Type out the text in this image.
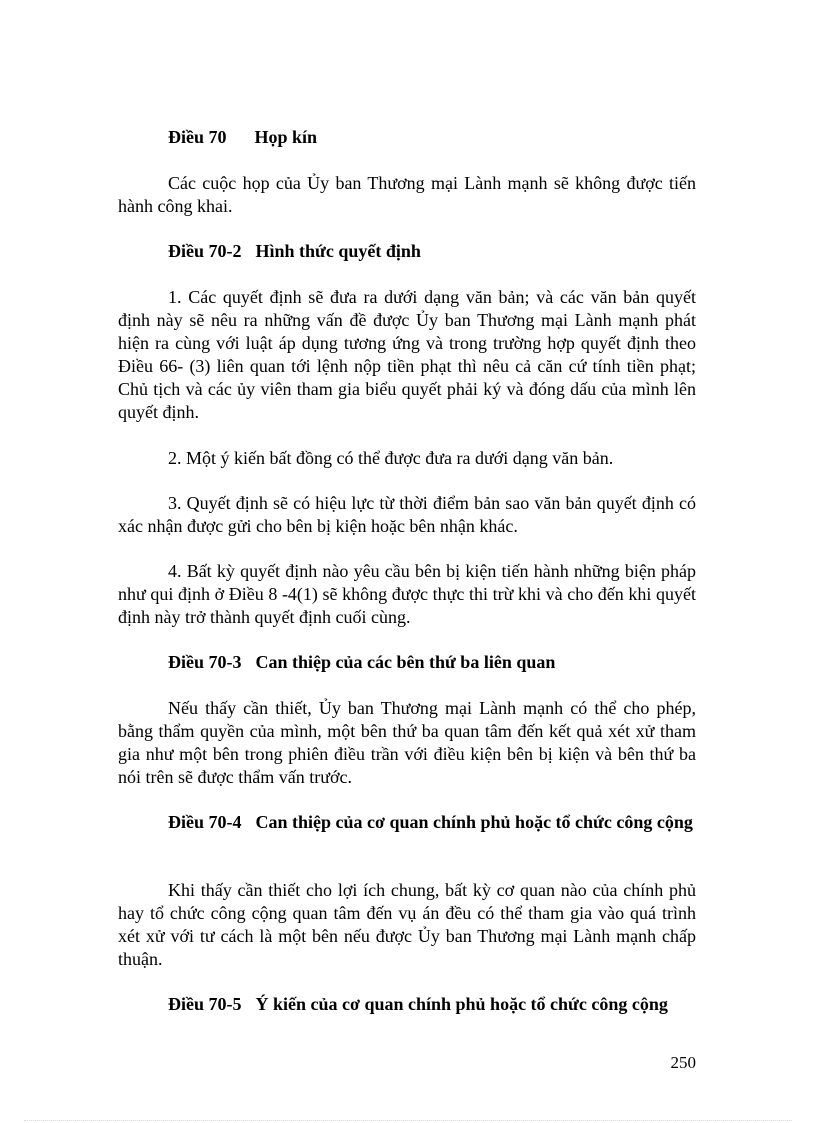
Điều 70 Họp kín

Các cuộc họp của Ủy ban Thương mại Lành mạnh sẽ không được tiến hành công khai.

Điều 70-2 Hình thức quyết định

1. Các quyết định sẽ đưa ra dưới dạng văn bản; và các văn bản quyết định này sẽ nêu ra những vấn đề được Ủy ban Thương mại Lành mạnh phát hiện ra cùng với luật áp dụng tương ứng và trong trường hợp quyết định theo Điều 66- (3) liên quan tới lệnh nộp tiền phạt thì nêu cả căn cứ tính tiền phạt; Chủ tịch và các ủy viên tham gia biểu quyết phải ký và đóng dấu của mình lên quyết định.

2. Một ý kiến bất đồng có thể được đưa ra dưới dạng văn bản.

3. Quyết định sẽ có hiệu lực từ thời điểm bản sao văn bản quyết định có xác nhận được gửi cho bên bị kiện hoặc bên nhận khác.

4. Bất kỳ quyết định nào yêu cầu bên bị kiện tiến hành những biện pháp như qui định ở Điều 8 -4(1) sẽ không được thực thi trừ khi và cho đến khi quyết định này trở thành quyết định cuối cùng.

Điều 70-3 Can thiệp của các bên thứ ba liên quan

Nếu thấy cần thiết, Ủy ban Thương mại Lành mạnh có thể cho phép, bằng thẩm quyền của mình, một bên thứ ba quan tâm đến kết quả xét xử tham gia như một bên trong phiên điều trần với điều kiện bên bị kiện và bên thứ ba nói trên sẽ được thẩm vấn trước.

Điều 70-4 Can thiệp của cơ quan chính phủ hoặc tổ chức công cộng

Khi thấy cần thiết cho lợi ích chung, bất kỳ cơ quan nào của chính phủ hay tổ chức công cộng quan tâm đến vụ án đều có thể tham gia vào quá trình xét xử với tư cách là một bên nếu được Ủy ban Thương mại Lành mạnh chấp thuận.

Điều 70-5 Ý kiến của cơ quan chính phủ hoặc tổ chức công cộng

250
